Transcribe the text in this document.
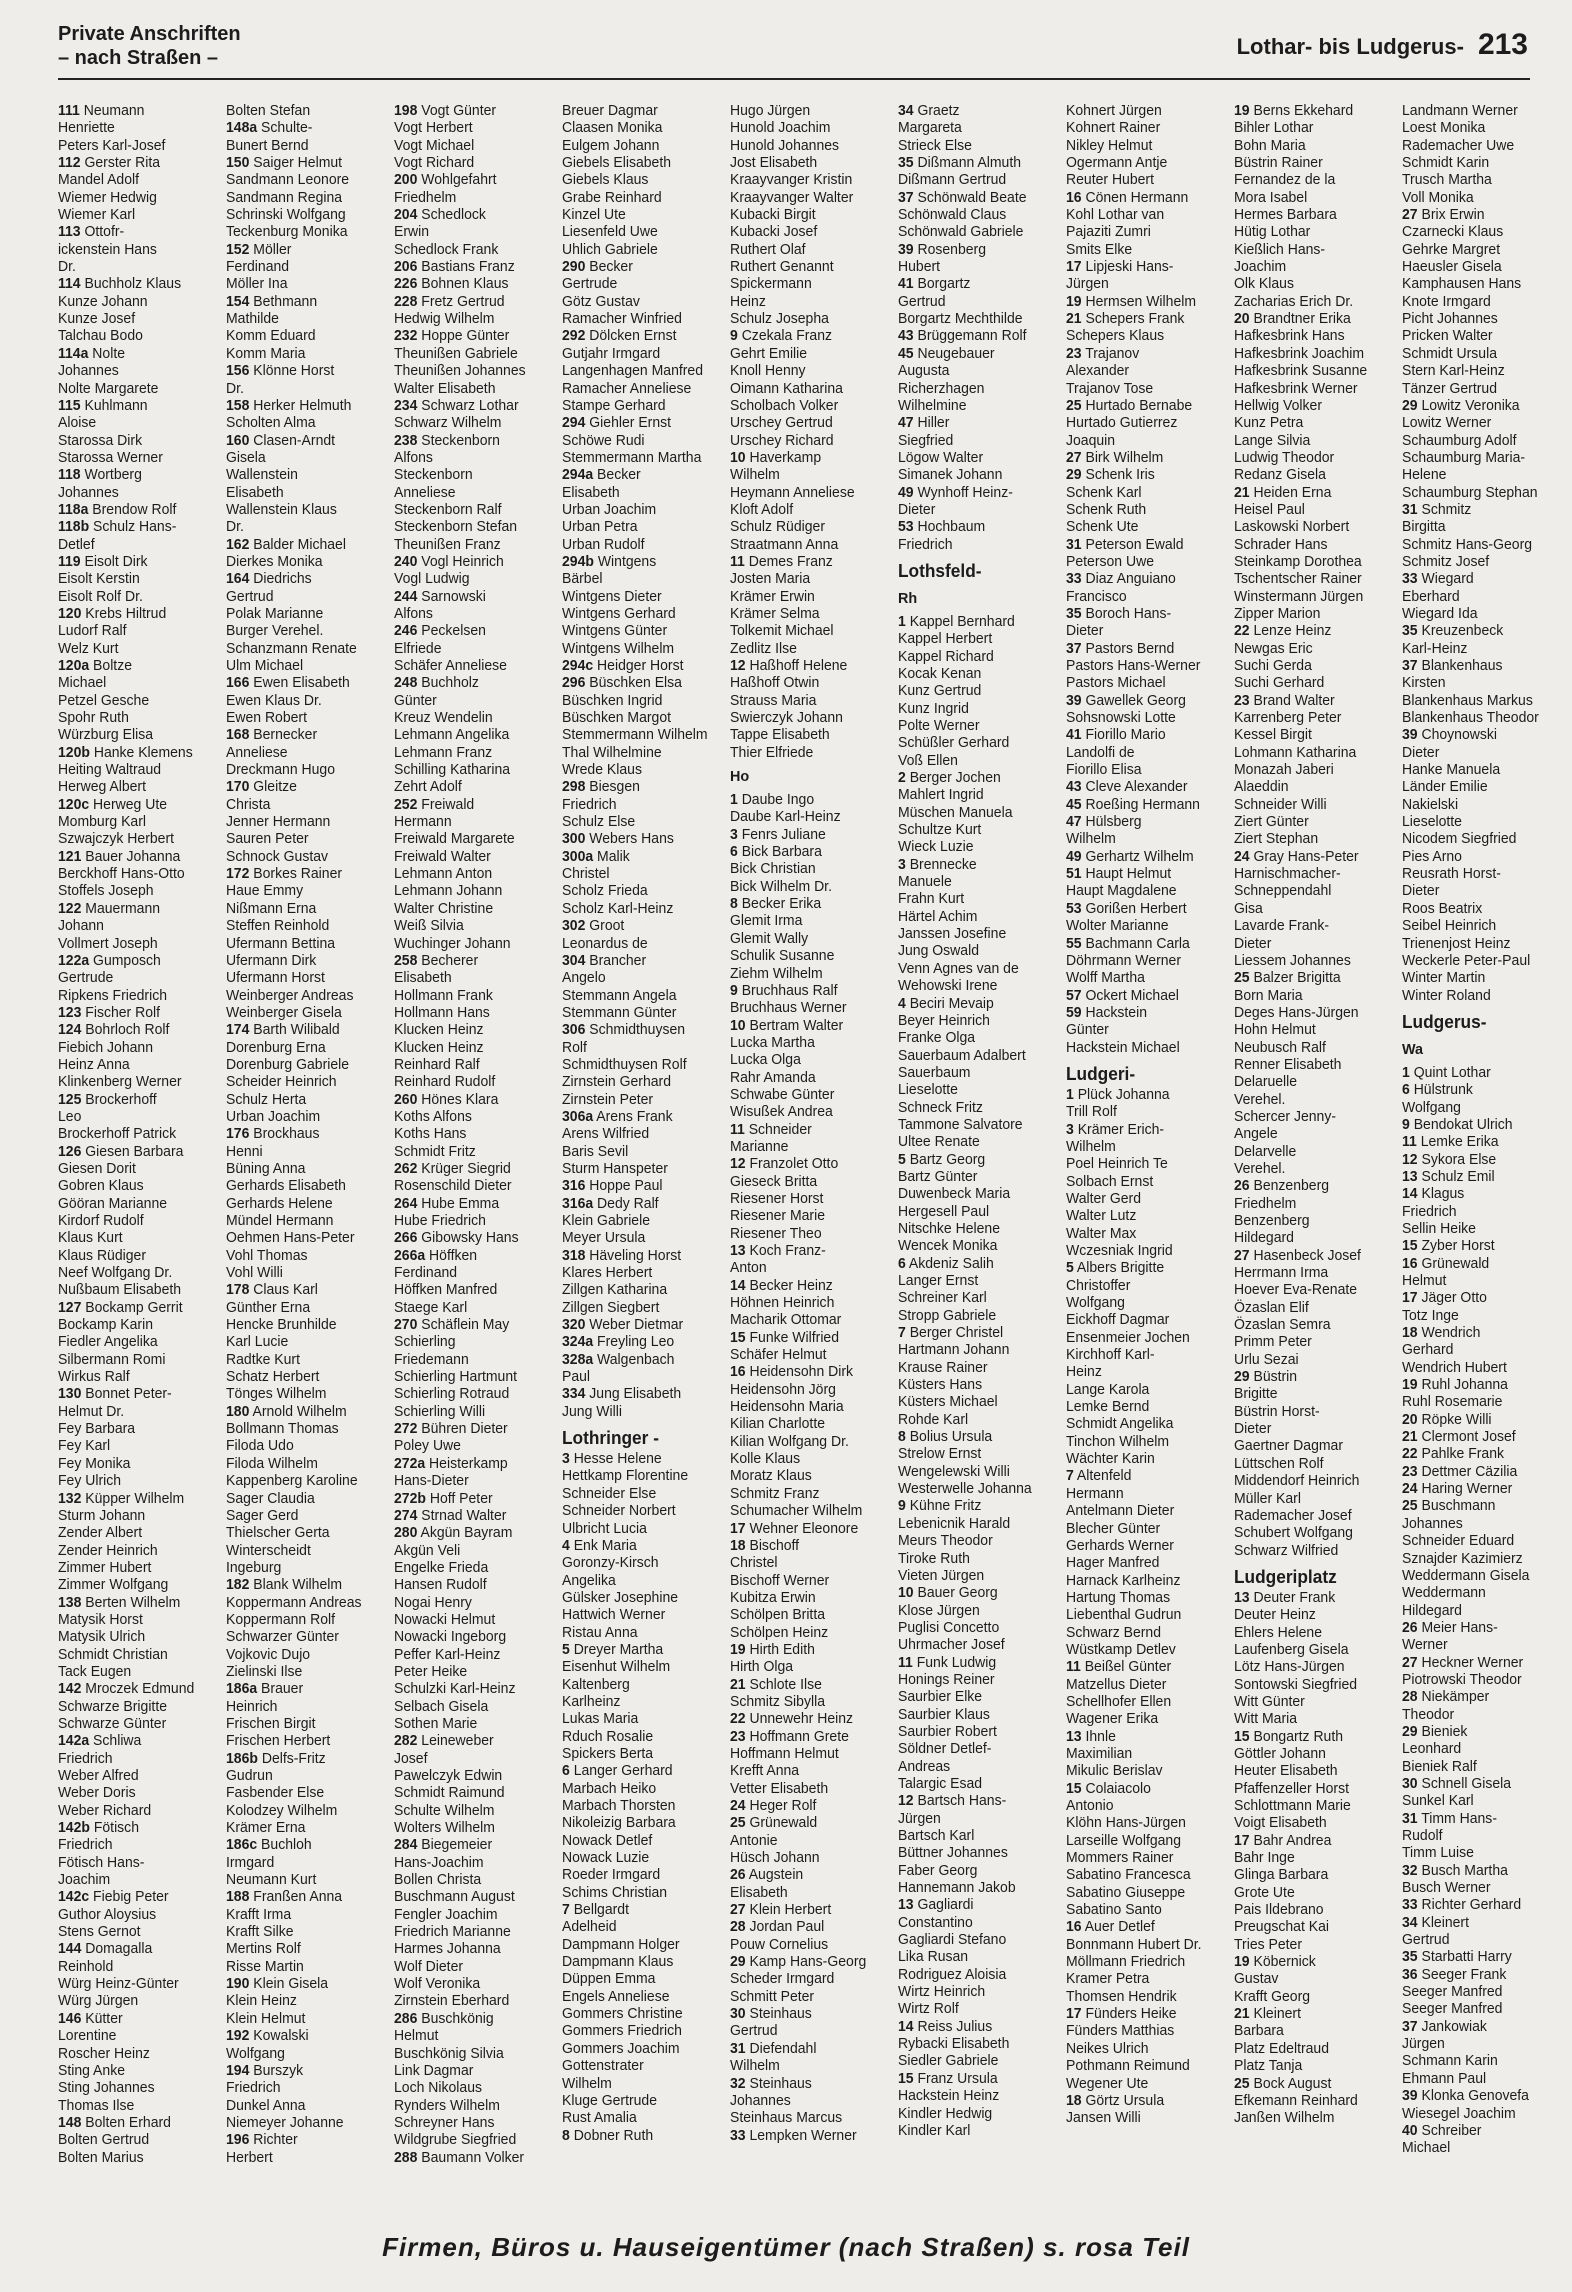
Private Anschriften
– nach Straßen –	Lothar- bis Ludgerus- 213
111 Neumann
Henriette
Peters Karl-Josef
112 Gerster Rita
Mandel Adolf
Wiemer Hedwig
Wiemer Karl
113 Ottofr-
ickenstein Hans
Dr.
114 Buchholz Klaus
Kunze Johann
Kunze Josef
Talchau Bodo
114a Nolte
Johannes
Nolte Margarete
115 Kuhlmann
Aloise
Starossa Dirk
Starossa Werner
118 Wortberg
Johannes
118a Brendow Rolf
118b Schulz Hans-
Detlef
119 Eisolt Dirk
Eisolt Kerstin
Eisolt Rolf Dr.
120 Krebs Hiltrud
Ludorf Ralf
Welz Kurt
120a Boltze
Michael
Petzel Gesche
Spohr Ruth
Würzburg Elisa
120b Hanke Klemens
Heiting Waltraud
Herweg Albert
120c Herweg Ute
Momburg Karl
Szwajczyk Herbert
121 Bauer Johanna
Berckhoff Hans-Otto
Stoffels Joseph
122 Mauermann
Johann
Vollmert Joseph
122a Gumposch
Gertrude
Ripkens Friedrich
123 Fischer Rolf
124 Bohrloch Rolf
Fiebich Johann
Heinz Anna
Klinkenberg Werner
125 Brockerhoff
Leo
Brockerhoff Patrick
126 Giesen Barbara
Giesen Dorit
Gobren Klaus
Gööran Marianne
Kirdorf Rudolf
Klaus Kurt
Klaus Rüdiger
Neef Wolfgang Dr.
Nußbaum Elisabeth
127 Bockamp Gerrit
Bockamp Karin
Fiedler Angelika
Silbermann Romi
Wirkus Ralf
130 Bonnet Peter-
Helmut Dr.
Fey Barbara
Fey Karl
Fey Monika
Fey Ulrich
132 Küpper Wilhelm
Sturm Johann
Zender Albert
Zender Heinrich
Zimmer Hubert
Zimmer Wolfgang
138 Berten Wilhelm
Matysik Horst
Matysik Ulrich
Schmidt Christian
Tack Eugen
142 Mroczek Edmund
Schwarze Brigitte
Schwarze Günter
142a Schliwa
Friedrich
Weber Alfred
Weber Doris
Weber Richard
142b Fötisch
Friedrich
Fötisch Hans-
Joachim
142c Fiebig Peter
Guthor Aloysius
Stens Gernot
144 Domagalla
Reinhold
Würg Heinz-Günter
Würg Jürgen
146 Kütter
Lorentine
Roscher Heinz
Sting Anke
Sting Johannes
Thomas Ilse
148 Bolten Erhard
Bolten Gertrud
Bolten Marius
Bolten Stefan
148a Schulte-
Bunert Bernd
150 Saiger Helmut
Sandmann Leonore
Sandmann Regina
Schrinski Wolfgang
Teckenburg Monika
152 Möller
Ferdinand
Möller Ina
154 Bethmann
Mathilde
Komm Eduard
Komm Maria
156 Klönne Horst
Dr.
158 Herker Helmuth
Scholten Alma
160 Clasen-Arndt
Gisela
Wallenstein
Elisabeth
Wallenstein Klaus
Dr.
162 Balder Michael
Dierkes Monika
164 Diedrichs
Gertrud
Polak Marianne
Burger Verehel.
Schanzmann Renate
Ulm Michael
166 Ewen Elisabeth
Ewen Klaus Dr.
Ewen Robert
168 Bernecker
Anneliese
Dreckmann Hugo
170 Gleitze
Christa
Jenner Hermann
Sauren Peter
Schnock Gustav
172 Borkes Rainer
Haue Emmy
Nißmann Erna
Steffen Reinhold
Ufermann Bettina
Ufermann Dirk
Ufermann Horst
Weinberger Andreas
Weinberger Gisela
174 Barth Wilibald
Dorenburg Erna
Dorenburg Gabriele
Scheider Heinrich
Schulz Herta
Urban Joachim
176 Brockhaus
Henni
Büning Anna
Gerhards Elisabeth
Gerhards Helene
Mündel Hermann
Oehmen Hans-Peter
Vohl Thomas
Vohl Willi
178 Claus Karl
Günther Erna
Hencke Brunhilde
Karl Lucie
Radtke Kurt
Schatz Herbert
Tönges Wilhelm
180 Arnold Wilhelm
Bollmann Thomas
Filoda Udo
Filoda Wilhelm
Kappenberg Karoline
Sager Claudia
Sager Gerd
Thielscher Gerta
Winterscheidt
Ingeburg
182 Blank Wilhelm
Koppermann Andreas
Koppermann Rolf
Schwarzer Günter
Vojkovic Dujo
Zielinski Ilse
186a Brauer
Heinrich
Frischen Birgit
Frischen Herbert
186b Delfs-Fritz
Gudrun
Fasbender Else
Kolodzey Wilhelm
Krämer Erna
186c Buchloh
Irmgard
Neumann Kurt
188 Franßen Anna
Krafft Irma
Krafft Silke
Mertins Rolf
Risse Martin
190 Klein Gisela
Klein Heinz
Klein Helmut
192 Kowalski
Wolfgang
194 Burszyk
Friedrich
Dunkel Anna
Niemeyer Johanne
196 Richter
Herbert
198 Vogt Günter
Vogt Herbert
Vogt Michael
Vogt Richard
200 Wohlgefahrt
Friedhelm
204 Schedlock
Erwin
Schedlock Frank
206 Bastians Franz
226 Bohnen Klaus
228 Fretz Gertrud
Hedwig Wilhelm
232 Hoppe Günter
Theunißen Gabriele
Theunißen Johannes
Walter Elisabeth
234 Schwarz Lothar
Schwarz Wilhelm
238 Steckenborn
Alfons
Steckenborn
Anneliese
Steckenborn Ralf
Steckenborn Stefan
Theunißen Franz
240 Vogl Heinrich
Vogl Ludwig
244 Sarnowski
Alfons
246 Peckelsen
Elfriede
Schäfer Anneliese
248 Buchholz
Günter
Kreuz Wendelin
Lehmann Angelika
Lehmann Franz
Schilling Katharina
Zehrt Adolf
252 Freiwald
Hermann
Freiwald Margarete
Freiwald Walter
Lehmann Anton
Lehmann Johann
Walter Christine
Weiß Silvia
Wuchinger Johann
258 Becherer
Elisabeth
Hollmann Frank
Hollmann Hans
Klucken Heinz
Klucken Heinz
Reinhard Ralf
Reinhard Rudolf
260 Hönes Klara
Koths Alfons
Koths Hans
Schmidt Fritz
262 Krüger Siegrid
Rosenschild Dieter
264 Hube Emma
Hube Friedrich
266 Gibowsky Hans
266a Höffken
Ferdinand
Höffken Manfred
Staege Karl
270 Schäflein May
Schierling
Friedemann
Schierling Hartmunt
Schierling Rotraud
Schierling Willi
272 Bühren Dieter
Poley Uwe
272a Heisterkamp
Hans-Dieter
272b Hoff Peter
274 Strnad Walter
280 Akgün Bayram
Akgün Veli
Engelke Frieda
Hansen Rudolf
Nogai Henry
Nowacki Helmut
Nowacki Ingeborg
Peffer Karl-Heinz
Peter Heike
Schulzki Karl-Heinz
Selbach Gisela
Sothen Marie
282 Leineweber
Josef
Pawelczyk Edwin
Schmidt Raimund
Schulte Wilhelm
Wolters Wilhelm
284 Biegemeier
Hans-Joachim
Bollen Christa
Buschmann August
Fengler Joachim
Friedrich Marianne
Harmes Johanna
Wolf Dieter
Wolf Veronika
Zirnstein Eberhard
286 Buschkönig
Helmut
Buschkönig Silvia
Link Dagmar
Loch Nikolaus
Rynders Wilhelm
Schreyner Hans
Wildgrube Siegfried
288 Baumann Volker
Breuer Dagmar
Claasen Monika
Eulgem Johann
Giebels Elisabeth
Giebels Klaus
Grabe Reinhard
Kinzel Ute
Liesenfeld Uwe
Uhlich Gabriele
290 Becker
Gertrude
Götz Gustav
Ramacher Winfried
292 Dölcken Ernst
Gutjahr Irmgard
Langenhagen Manfred
Ramacher Anneliese
Stampe Gerhard
294 Giehler Ernst
Schöwe Rudi
Stemmermann Martha
294a Becker
Elisabeth
Urban Joachim
Urban Petra
Urban Rudolf
294b Wintgens
Bärbel
Wintgens Dieter
Wintgens Gerhard
Wintgens Günter
Wintgens Wilhelm
294c Heidger Horst
296 Büschken Elsa
Büschken Ingrid
Büschken Margot
Stemmermann Wilhelm
Thal Wilhelmine
Wrede Klaus
298 Biesgen
Friedrich
Schulz Else
300 Webers Hans
300a Malik
Christel
Scholz Frieda
Scholz Karl-Heinz
302 Groot
Leonardus de
304 Brancher
Angelo
Stemmann Angela
Stemmann Günter
306 Schmidthuysen
Rolf
Schmidthuysen Rolf
Zirnstein Gerhard
Zirnstein Peter
306a Arens Frank
Arens Wilfried
Baris Sevil
Sturm Hanspeter
316 Hoppe Paul
316a Dedy Ralf
Klein Gabriele
Meyer Ursula
318 Häveling Horst
Klares Herbert
Zillgen Katharina
Zillgen Siegbert
320 Weber Dietmar
324a Freyling Leo
328a Walgenbach
Paul
334 Jung Elisabeth
Jung Willi
Lothringer -
3 Hesse Helene
Hettkamp Florentine
Schneider Else
Schneider Norbert
Ulbricht Lucia
4 Enk Maria
Goronzy-Kirsch
Angelika
Gülsker Josephine
Hattwich Werner
Ristau Anna
5 Dreyer Martha
Eisenhut Wilhelm
Kaltenberg
Karlheinz
Lukas Maria
Rduch Rosalie
Spickers Berta
6 Langer Gerhard
Marbach Heiko
Marbach Thorsten
Nikoleizig Barbara
Nowack Detlef
Nowack Luzie
Roeder Irmgard
Schims Christian
7 Bellgardt
Adelheid
Dampmann Holger
Dampmann Klaus
Düppen Emma
Engels Anneliese
Gommers Christine
Gommers Friedrich
Gommers Joachim
Gottenstrater
Wilhelm
Kluge Gertrude
Rust Amalia
8 Dobner Ruth
Hugo Jürgen
Hunold Joachim
Hunold Johannes
Jost Elisabeth
Kraayvanger Kristin
Kraayvanger Walter
Kubacki Birgit
Kubacki Josef
Ruthert Olaf
Ruthert Genannt
Spickermann
Heinz
Schulz Josepha
9 Czekala Franz
Gehrt Emilie
Knoll Henny
Oimann Katharina
Scholbach Volker
Urschey Gertrud
Urschey Richard
10 Haverkamp
Wilhelm
Heymann Anneliese
Kloft Adolf
Schulz Rüdiger
Straatmann Anna
11 Demes Franz
Josten Maria
Krämer Erwin
Krämer Selma
Tolkemit Michael
Zedlitz Ilse
12 Haßhoff Helene
Haßhoff Otwin
Strauss Maria
Swierczyk Johann
Tappe Elisabeth
Thier Elfriede
Ho
1 Daube Ingo
Daube Karl-Heinz
3 Fenrs Juliane
6 Bick Barbara
Bick Christian
Bick Wilhelm Dr.
8 Becker Erika
Glemit Irma
Glemit Wally
Schulik Susanne
Ziehm Wilhelm
9 Bruchhaus Ralf
Bruchhaus Werner
10 Bertram Walter
Lucka Martha
Lucka Olga
Rahr Amanda
Schwabe Günter
Wisußek Andrea
11 Schneider
Marianne
12 Franzolet Otto
Gieseck Britta
Riesener Horst
Riesener Marie
Riesener Theo
13 Koch Franz-
Anton
14 Becker Heinz
Höhnen Heinrich
Macharik Ottomar
15 Funke Wilfried
Schäfer Helmut
16 Heidensohn Dirk
Heidensohn Jörg
Heidensohn Maria
Kilian Charlotte
Kilian Wolfgang Dr.
Kolle Klaus
Moratz Klaus
Schmitz Franz
Schumacher Wilhelm
17 Wehner Eleonore
18 Bischoff
Christel
Bischoff Werner
Kubitza Erwin
Schölpen Britta
Schölpen Heinz
19 Hirth Edith
Hirth Olga
21 Schlote Ilse
Schmitz Sibylla
22 Unnewehr Heinz
23 Hoffmann Grete
Hoffmann Helmut
Krefft Anna
Vetter Elisabeth
24 Heger Rolf
25 Grünewald
Antonie
Hüsch Johann
26 Augstein
Elisabeth
27 Klein Herbert
28 Jordan Paul
Pouw Cornelius
29 Kamp Hans-Georg
Scheder Irmgard
Schmitt Peter
30 Steinhaus
Gertrud
31 Diefendahl
Wilhelm
32 Steinhaus
Johannes
Steinhaus Marcus
33 Lempken Werner
34 Graetz
Margareta
Strieck Else
35 Dißmann Almuth
Dißmann Gertrud
37 Schönwald Beate
Schönwald Claus
Schönwald Gabriele
39 Rosenberg
Hubert
41 Borgartz
Gertrud
Borgartz Mechthilde
43 Brüggemann Rolf
45 Neugebauer
Augusta
Richerzhagen
Wilhelmine
47 Hiller
Siegfried
Lögow Walter
Simanek Johann
49 Wynhoff Heinz-
Dieter
53 Hochbaum
Friedrich
Lothsfeld-
Rh
1 Kappel Bernhard
Kappel Herbert
Kappel Richard
Kocak Kenan
Kunz Gertrud
Kunz Ingrid
Polte Werner
Schüßler Gerhard
Voß Ellen
2 Berger Jochen
Mahlert Ingrid
Müschen Manuela
Schultze Kurt
Wieck Luzie
3 Brennecke
Manuele
Frahn Kurt
Härtel Achim
Janssen Josefine
Jung Oswald
Venn Agnes van de
Wehowski Irene
4 Beciri Mevaip
Beyer Heinrich
Franke Olga
Sauerbaum Adalbert
Sauerbaum
Lieselotte
Schneck Fritz
Tammone Salvatore
Ultee Renate
5 Bartz Georg
Bartz Günter
Duwenbeck Maria
Hergesell Paul
Nitschke Helene
Wencek Monika
6 Akdeniz Salih
Langer Ernst
Schreiner Karl
Stropp Gabriele
7 Berger Christel
Hartmann Johann
Krause Rainer
Küsters Hans
Küsters Michael
Rohde Karl
8 Bolius Ursula
Strelow Ernst
Wengelewski Willi
Westerwelle Johanna
9 Kühne Fritz
Lebenicnik Harald
Meurs Theodor
Tiroke Ruth
Vieten Jürgen
10 Bauer Georg
Klose Jürgen
Puglisi Concetto
Uhrmacher Josef
11 Funk Ludwig
Honings Reiner
Saurbier Elke
Saurbier Klaus
Saurbier Robert
Söldner Detlef-
Andreas
Talargic Esad
12 Bartsch Hans-
Jürgen
Bartsch Karl
Büttner Johannes
Faber Georg
Hannemann Jakob
13 Gagliardi
Constantino
Gagliardi Stefano
Lika Rusan
Rodriguez Aloisia
Wirtz Heinrich
Wirtz Rolf
14 Reiss Julius
Rybacki Elisabeth
Siedler Gabriele
15 Franz Ursula
Hackstein Heinz
Kindler Hedwig
Kindler Karl
Kohnert Jürgen
Kohnert Rainer
Nikley Helmut
Ogermann Antje
Reuter Hubert
16 Cönen Hermann
Kohl Lothar van
Pajaziti Zumri
Smits Elke
17 Lipjeski Hans-
Jürgen
19 Hermsen Wilhelm
21 Schepers Frank
Schepers Klaus
23 Trajanov
Alexander
Trajanov Tose
25 Hurtado Bernabe
Hurtado Gutierrez
Joaquin
27 Birk Wilhelm
29 Schenk Iris
Schenk Karl
Schenk Ruth
Schenk Ute
31 Peterson Ewald
Peterson Uwe
33 Diaz Anguiano
Francisco
35 Boroch Hans-
Dieter
37 Pastors Bernd
Pastors Hans-Werner
Pastors Michael
39 Gawellek Georg
Sohsnowski Lotte
41 Fiorillo Mario
Landolfi de
Fiorillo Elisa
43 Cleve Alexander
45 Roeßing Hermann
47 Hülsberg
Wilhelm
49 Gerhartz Wilhelm
51 Haupt Helmut
Haupt Magdalene
53 Gorißen Herbert
Wolter Marianne
55 Bachmann Carla
Döhrmann Werner
Wolff Martha
57 Ockert Michael
59 Hackstein
Günter
Hackstein Michael
Ludgeri-
1 Plück Johanna
Trill Rolf
3 Krämer Erich-
Wilhelm
Poel Heinrich Te
Solbach Ernst
Walter Gerd
Walter Lutz
Walter Max
Wczesniak Ingrid
5 Albers Brigitte
Christoffer
Wolfgang
Eickhoff Dagmar
Ensenmeier Jochen
Kirchhoff Karl-
Heinz
Lange Karola
Lemke Bernd
Schmidt Angelika
Tinchon Wilhelm
Wächter Karin
7 Altenfeld
Hermann
Antelmann Dieter
Blecher Günter
Gerhards Werner
Hager Manfred
Harnack Karlheinz
Hartung Thomas
Liebenthal Gudrun
Schwarz Bernd
Wüstkamp Detlev
11 Beißel Günter
Matzellus Dieter
Schellhofer Ellen
Wagener Erika
13 Ihnle
Maximilian
Mikulic Berislav
15 Colaiacolo
Antonio
Klöhn Hans-Jürgen
Larseille Wolfgang
Mommers Rainer
Sabatino Francesca
Sabatino Giuseppe
Sabatino Santo
16 Auer Detlef
Bonnmann Hubert Dr.
Möllmann Friedrich
Kramer Petra
Thomsen Hendrik
17 Fünders Heike
Fünders Matthias
Neikes Ulrich
Pothmann Reimund
Wegener Ute
18 Görtz Ursula
Jansen Willi
19 Berns Ekkehard
Bihler Lothar
Bohn Maria
Büstrin Rainer
Fernandez de la
Mora Isabel
Hermes Barbara
Hütig Lothar
Kießlich Hans-
Joachim
Olk Klaus
Zacharias Erich Dr.
20 Brandtner Erika
Hafkesbrink Hans
Hafkesbrink Joachim
Hafkesbrink Susanne
Hafkesbrink Werner
Hellwig Volker
Kunz Petra
Lange Silvia
Ludwig Theodor
Redanz Gisela
21 Heiden Erna
Heisel Paul
Laskowski Norbert
Schrader Hans
Steinkamp Dorothea
Tschentscher Rainer
Winstermann Jürgen
Zipper Marion
22 Lenze Heinz
Newgas Eric
Suchi Gerda
Suchi Gerhard
23 Brand Walter
Karrenberg Peter
Kessel Birgit
Lohmann Katharina
Monazah Jaberi
Alaeddin
Schneider Willi
Ziert Günter
Ziert Stephan
24 Gray Hans-Peter
Harnischmacher-
Schneppendahl
Gisa
Lavarde Frank-
Dieter
Liessem Johannes
25 Balzer Brigitta
Born Maria
Deges Hans-Jürgen
Hohn Helmut
Neubusch Ralf
Renner Elisabeth
Delaruelle
Verehel.
Schercer Jenny-
Angele
Delarvelle
Verehel.
26 Benzenberg
Friedhelm
Benzenberg
Hildegard
27 Hasenbeck Josef
Herrmann Irma
Hoever Eva-Renate
Özaslan Elif
Özaslan Semra
Primm Peter
Urlu Sezai
29 Büstrin
Brigitte
Büstrin Horst-
Dieter
Gaertner Dagmar
Lüttschen Rolf
Middendorf Heinrich
Müller Karl
Rademacher Josef
Schubert Wolfgang
Schwarz Wilfried
Ludgeriplatz
13 Deuter Frank
Deuter Heinz
Ehlers Helene
Laufenberg Gisela
Lötz Hans-Jürgen
Sontowski Siegfried
Witt Günter
Witt Maria
15 Bongartz Ruth
Göttler Johann
Heuter Elisabeth
Pfaffenzeller Horst
Schlottmann Marie
Voigt Elisabeth
17 Bahr Andrea
Bahr Inge
Glinga Barbara
Grote Ute
Pais Ildebrano
Preugschat Kai
Tries Peter
19 Köbernick
Gustav
Krafft Georg
21 Kleinert
Barbara
Platz Edeltraud
Platz Tanja
25 Bock August
Efkemann Reinhard
Janßen Wilhelm
Landmann Werner
Loest Monika
Rademacher Uwe
Schmidt Karin
Trusch Martha
Voll Monika
27 Brix Erwin
Czarnecki Klaus
Gehrke Margret
Haeusler Gisela
Kamphausen Hans
Knote Irmgard
Picht Johannes
Pricken Walter
Schmidt Ursula
Stern Karl-Heinz
Tänzer Gertrud
29 Lowitz Veronika
Lowitz Werner
Schaumburg Adolf
Schaumburg Maria-
Helene
Schaumburg Stephan
31 Schmitz
Birgitta
Schmitz Hans-Georg
Schmitz Josef
33 Wiegard
Eberhard
Wiegard Ida
35 Kreuzenbeck
Karl-Heinz
37 Blankenhaus
Kirsten
Blankenhaus Markus
Blankenhaus Theodor
39 Choynowski
Dieter
Hanke Manuela
Länder Emilie
Nakielski
Lieselotte
Nicodem Siegfried
Pies Arno
Reusrath Horst-
Dieter
Roos Beatrix
Seibel Heinrich
Trienenjost Heinz
Weckerle Peter-Paul
Winter Martin
Winter Roland
Ludgerus-
Wa
1 Quint Lothar
6 Hülstrunk
Wolfgang
9 Bendokat Ulrich
11 Lemke Erika
12 Sykora Else
13 Schulz Emil
14 Klagus
Friedrich
Sellin Heike
15 Zyber Horst
16 Grünewald
Helmut
17 Jäger Otto
Totz Inge
18 Wendrich
Gerhard
Wendrich Hubert
19 Ruhl Johanna
Ruhl Rosemarie
20 Röpke Willi
21 Clermont Josef
22 Pahlke Frank
23 Dettmer Cäzilia
24 Haring Werner
25 Buschmann
Johannes
Schneider Eduard
Sznajder Kazimierz
Weddermann Gisela
Weddermann
Hildegard
26 Meier Hans-
Werner
27 Heckner Werner
Piotrowski Theodor
28 Niekämper
Theodor
29 Bieniek
Leonhard
Bieniek Ralf
30 Schnell Gisela
Sunkel Karl
31 Timm Hans-
Rudolf
Timm Luise
32 Busch Martha
Busch Werner
33 Richter Gerhard
34 Kleinert
Gertrud
35 Starbatti Harry
36 Seeger Frank
Seeger Manfred
Seeger Manfred
37 Jankowiak
Jürgen
Schmann Karin
Ehmann Paul
39 Klonka Genovefa
Wiesegel Joachim
40 Schreiber
Michael
Firmen, Büros u. Hauseigentümer (nach Straßen) s. rosa Teil
